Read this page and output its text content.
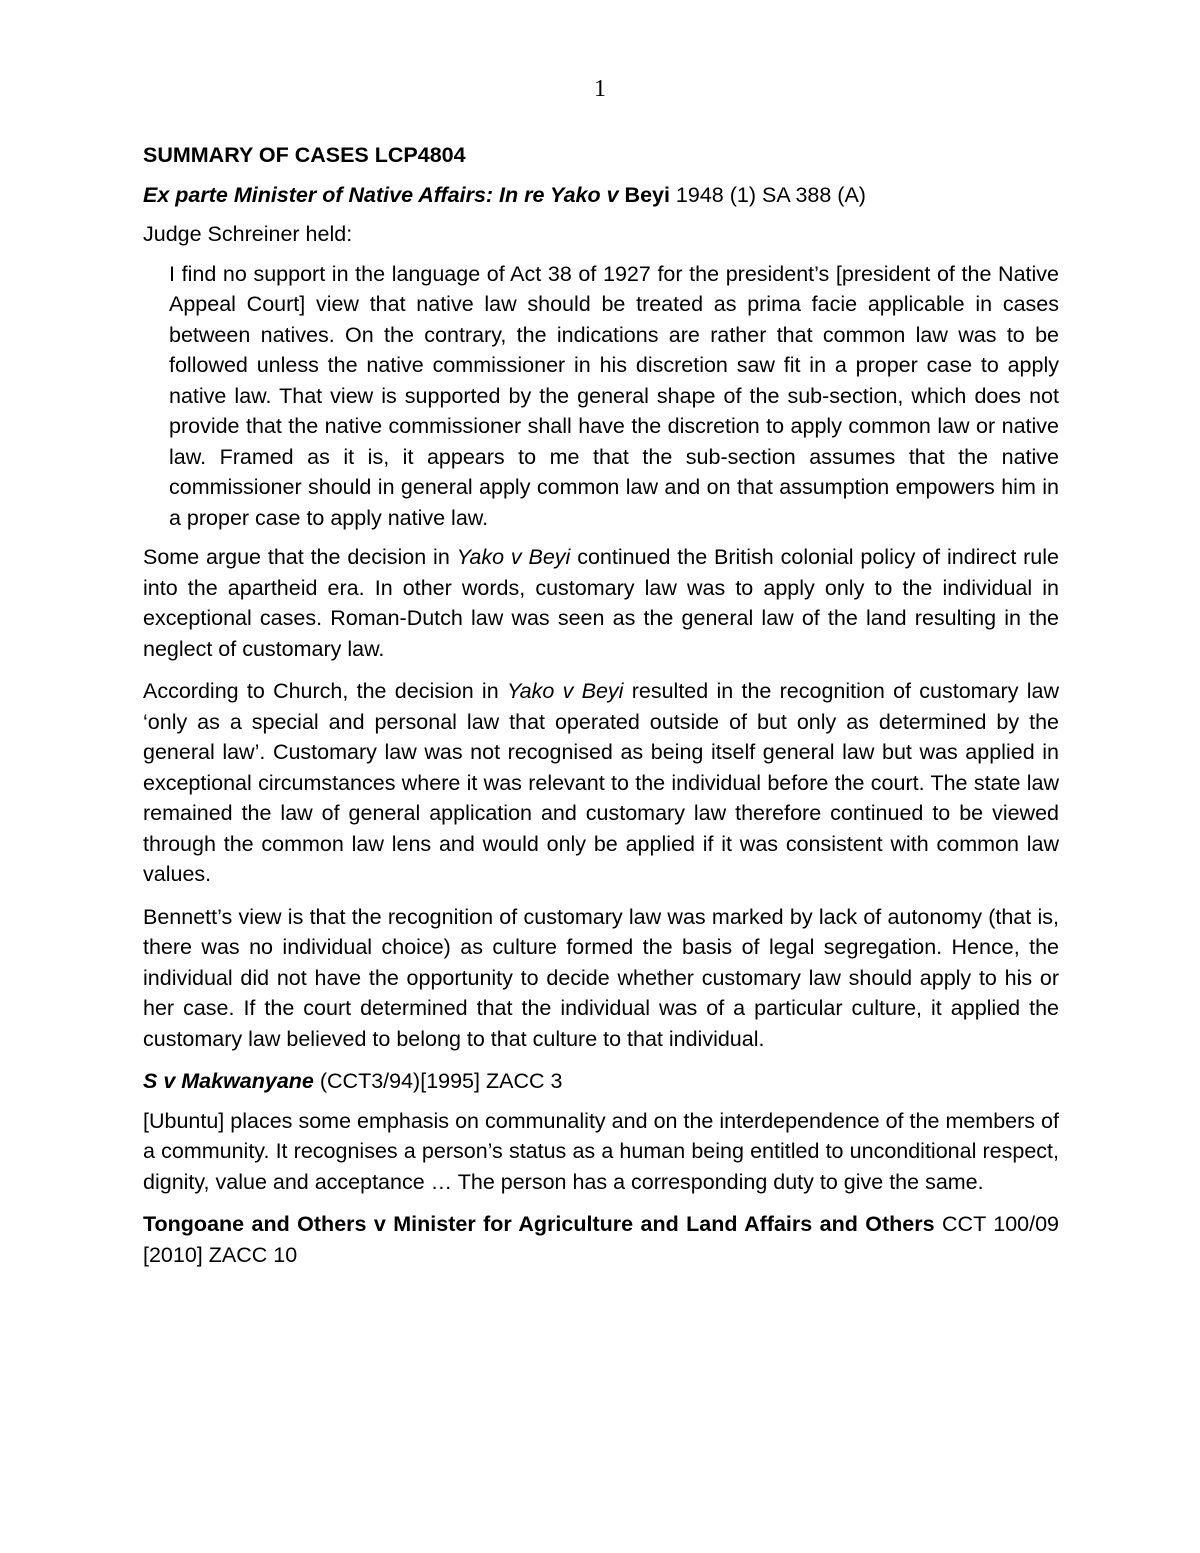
1

SUMMARY OF CASES LCP4804

Ex parte Minister of Native Affairs: In re Yako v Beyi 1948 (1) SA 388 (A)

Judge Schreiner held:

I find no support in the language of Act 38 of 1927 for the president’s [president of the Native Appeal Court] view that native law should be treated as prima facie applicable in cases between natives. On the contrary, the indications are rather that common law was to be followed unless the native commissioner in his discretion saw fit in a proper case to apply native law. That view is supported by the general shape of the sub-section, which does not provide that the native commissioner shall have the discretion to apply common law or native law. Framed as it is, it appears to me that the sub-section assumes that the native commissioner should in general apply common law and on that assumption empowers him in a proper case to apply native law.

Some argue that the decision in Yako v Beyi continued the British colonial policy of indirect rule into the apartheid era. In other words, customary law was to apply only to the individual in exceptional cases. Roman-Dutch law was seen as the general law of the land resulting in the neglect of customary law.

According to Church, the decision in Yako v Beyi resulted in the recognition of customary law ‘only as a special and personal law that operated outside of but only as determined by the general law’. Customary law was not recognised as being itself general law but was applied in exceptional circumstances where it was relevant to the individual before the court. The state law remained the law of general application and customary law therefore continued to be viewed through the common law lens and would only be applied if it was consistent with common law values.

Bennett’s view is that the recognition of customary law was marked by lack of autonomy (that is, there was no individual choice) as culture formed the basis of legal segregation. Hence, the individual did not have the opportunity to decide whether customary law should apply to his or her case. If the court determined that the individual was of a particular culture, it applied the customary law believed to belong to that culture to that individual.

S v Makwanyane (CCT3/94)[1995] ZACC 3

[Ubuntu] places some emphasis on communality and on the interdependence of the members of a community. It recognises a person’s status as a human being entitled to unconditional respect, dignity, value and acceptance … The person has a corresponding duty to give the same.

Tongoane and Others v Minister for Agriculture and Land Affairs and Others CCT 100/09 [2010] ZACC 10
